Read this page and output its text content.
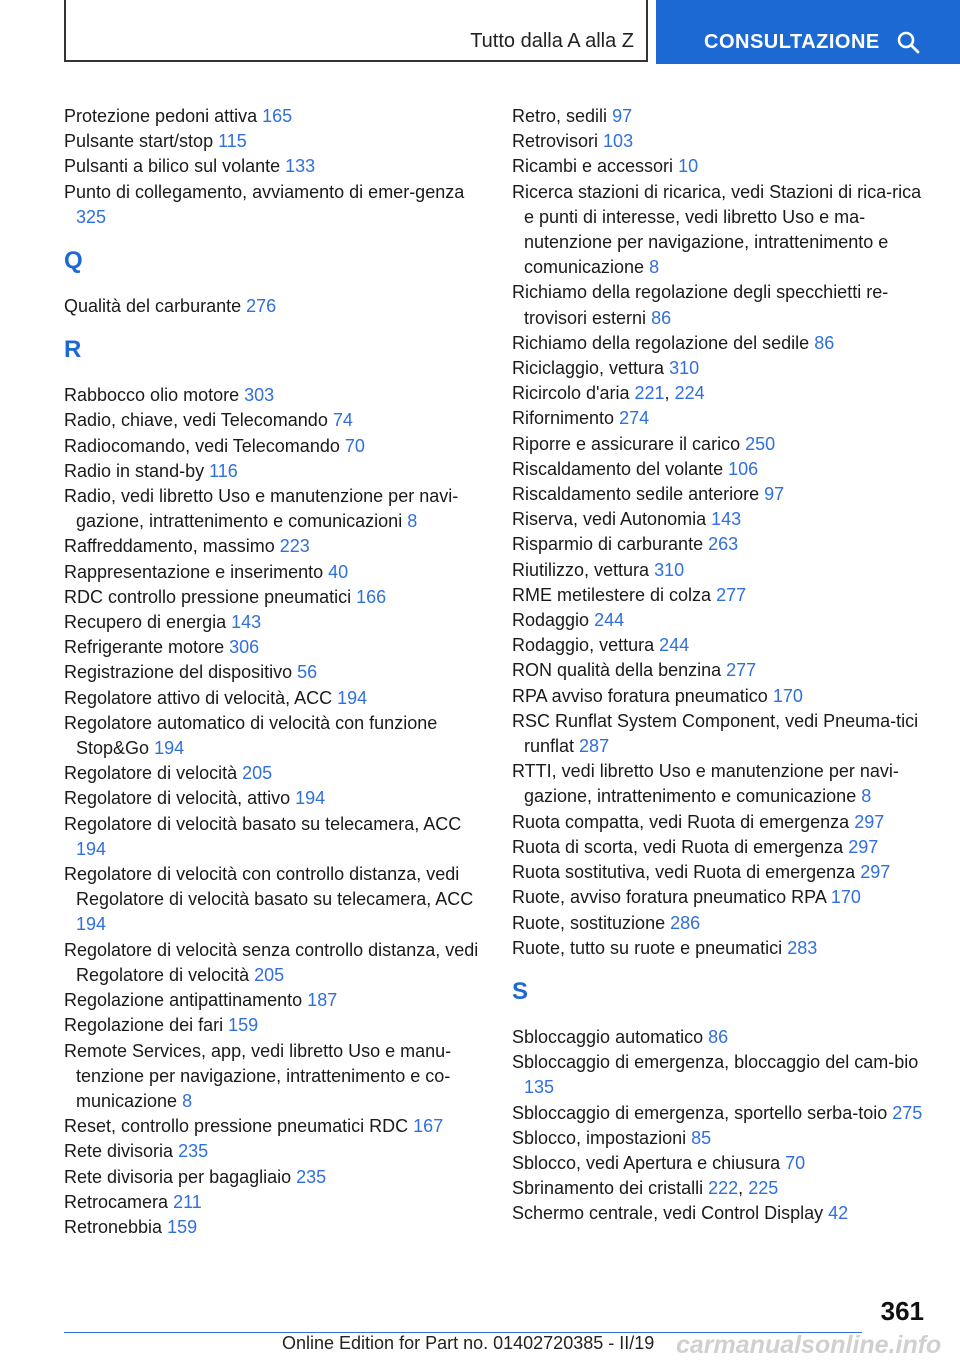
Tutto dalla A alla Z	CONSULTAZIONE
Protezione pedoni attiva 165
Pulsante start/stop 115
Pulsanti a bilico sul volante 133
Punto di collegamento, avviamento di emer-genza 325
Q
Qualità del carburante 276
R
Rabbocco olio motore 303
Radio, chiave, vedi Telecomando 74
Radiocomando, vedi Telecomando 70
Radio in stand-by 116
Radio, vedi libretto Uso e manutenzione per navi-gazione, intrattenimento e comunicazioni 8
Raffreddamento, massimo 223
Rappresentazione e inserimento 40
RDC controllo pressione pneumatici 166
Recupero di energia 143
Refrigerante motore 306
Registrazione del dispositivo 56
Regolatore attivo di velocità, ACC 194
Regolatore automatico di velocità con funzione Stop&Go 194
Regolatore di velocità 205
Regolatore di velocità, attivo 194
Regolatore di velocità basato su telecamera, ACC 194
Regolatore di velocità con controllo distanza, vedi Regolatore di velocità basato su telecamera, ACC 194
Regolatore di velocità senza controllo distanza, vedi Regolatore di velocità 205
Regolazione antipattinamento 187
Regolazione dei fari 159
Remote Services, app, vedi libretto Uso e manu-tenzione per navigazione, intrattenimento e co-municazione 8
Reset, controllo pressione pneumatici RDC 167
Rete divisoria 235
Rete divisoria per bagagliaio 235
Retrocamera 211
Retronebbia 159
Retro, sedili 97
Retrovisori 103
Ricambi e accessori 10
Ricerca stazioni di ricarica, vedi Stazioni di rica-rica e punti di interesse, vedi libretto Uso e ma-nutenzione per navigazione, intrattenimento e comunicazione 8
Richiamo della regolazione degli specchietti re-trovisori esterni 86
Richiamo della regolazione del sedile 86
Riciclaggio, vettura 310
Ricircolo d'aria 221, 224
Rifornimento 274
Riporre e assicurare il carico 250
Riscaldamento del volante 106
Riscaldamento sedile anteriore 97
Riserva, vedi Autonomia 143
Risparmio di carburante 263
Riutilizzo, vettura 310
RME metilestere di colza 277
Rodaggio 244
Rodaggio, vettura 244
RON qualità della benzina 277
RPA avviso foratura pneumatico 170
RSC Runflat System Component, vedi Pneuma-tici runflat 287
RTTI, vedi libretto Uso e manutenzione per navi-gazione, intrattenimento e comunicazione 8
Ruota compatta, vedi Ruota di emergenza 297
Ruota di scorta, vedi Ruota di emergenza 297
Ruota sostitutiva, vedi Ruota di emergenza 297
Ruote, avviso foratura pneumatico RPA 170
Ruote, sostituzione 286
Ruote, tutto su ruote e pneumatici 283
S
Sbloccaggio automatico 86
Sbloccaggio di emergenza, bloccaggio del cam-bio 135
Sbloccaggio di emergenza, sportello serba-toio 275
Sblocco, impostazioni 85
Sblocco, vedi Apertura e chiusura 70
Sbrinamento dei cristalli 222, 225
Schermo centrale, vedi Control Display 42
361
Online Edition for Part no. 01402720385 - II/19 carmanualsonline.info
